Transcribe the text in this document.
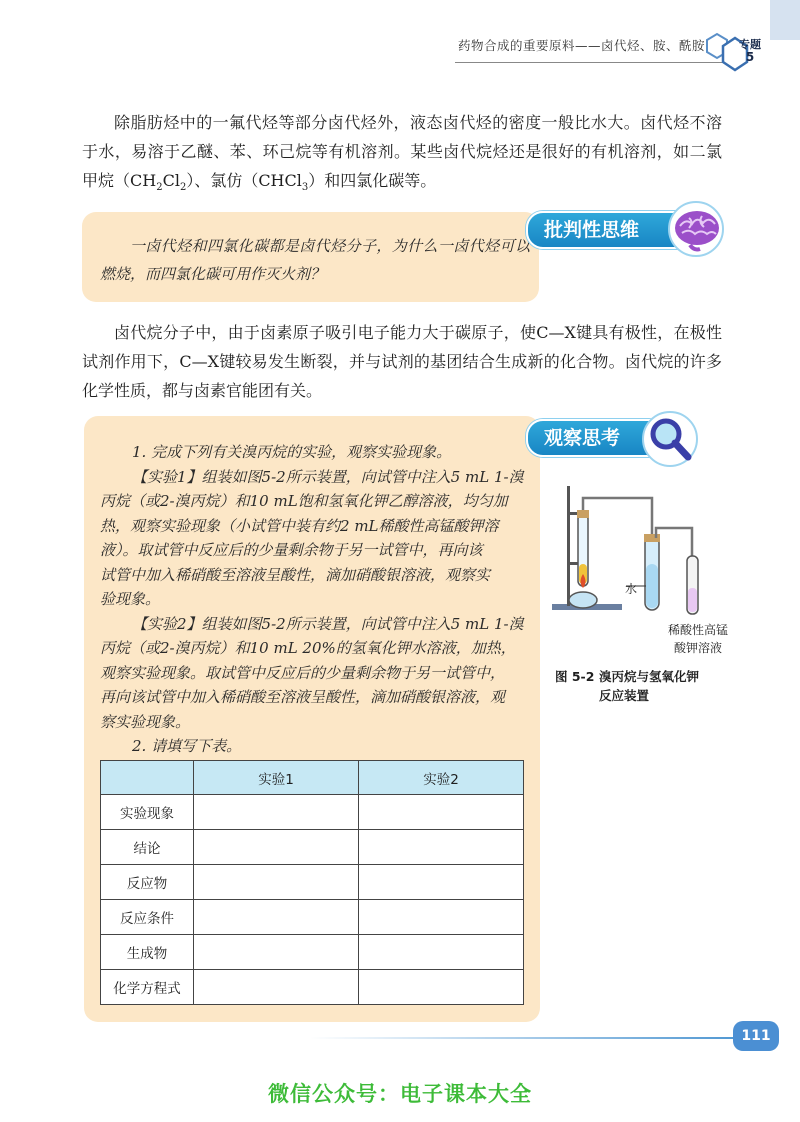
药物合成的重要原料——卤代烃、胺、酰胺	专题
5

除脂肪烃中的一氟代烃等部分卤代烃外，液态卤代烃的密度一般比水大。卤代烃不溶于水，易溶于乙醚、苯、环己烷等有机溶剂。某些卤代烷烃还是很好的有机溶剂，如二氯甲烷$(CH_2Cl_2)$、氯仿（CHCl$_3$）和四氯化碳等。

一卤代烃和四氯化碳都是卤代烃分子，为什么一卤代烃可以燃烧，而四氯化碳可用作灭火剂？

批判性思维

卤代烷分子中，由于卤素原子吸引电子能力大于碳原子，使C—X键具有极性，在极性试剂作用下，C—X键较易发生断裂，并与试剂的基团结合生成新的化合物。卤代烷的许多化学性质，都与卤素官能团有关。

观察思考

1. 完成下列有关溴丙烷的实验，观察实验现象。

【实验1】组装如图5-2所示装置，向试管中注入5 mL 1-溴

丙烷（或2-溴丙烷）和10 mL饱和氢氧化钾乙醇溶液，均匀加

热，观察实验现象（小试管中装有约2 mL稀酸性高锰酸钾溶

液）。取试管中反应后的少量剩余物于另一试管中，再向该

试管中加入稀硝酸至溶液呈酸性，滴加硝酸银溶液，观察实

验现象。

【实验2】组装如图5-2所示装置，向试管中注入5 mL 1-溴

丙烷（或2-溴丙烷）和10 mL 20%的氢氧化钾水溶液，加热，

观察实验现象。取试管中反应后的少量剩余物于另一试管中，

再向该试管中加入稀硝酸至溶液呈酸性，滴加硝酸银溶液，观

察实验现象。

2. 请填写下表。

	实验1	实验2
实验现象		
结论		
反应物		
反应条件		
生成物		
化学方程式		
水
稀酸性高锰
酸钾溶液
图 5-2 溴丙烷与氢氧化钾
反应装置
111
微信公众号：电子课本大全
